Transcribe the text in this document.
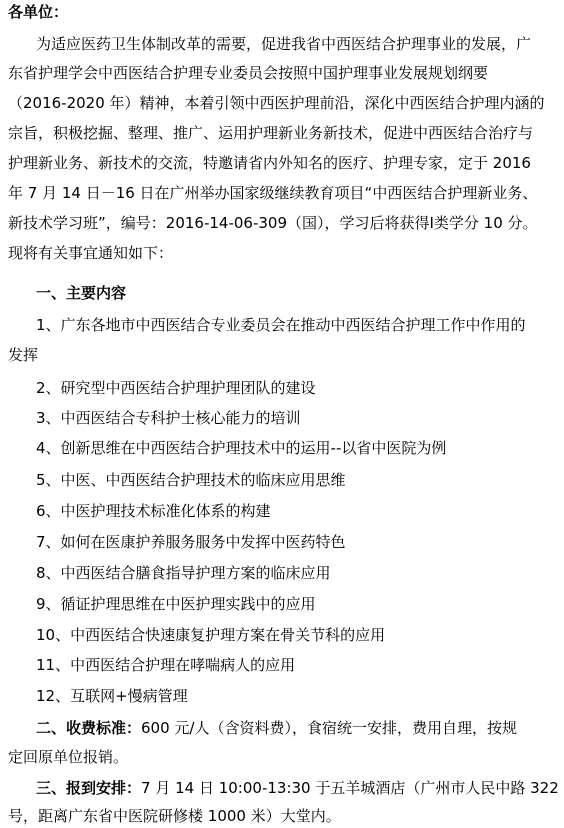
各单位：
为适应医药卫生体制改革的需要，促进我省中西医结合护理事业的发展，广
东省护理学会中西医结合护理专业委员会按照中国护理事业发展规划纲要
（2016-2020 年）精神，本着引领中西医护理前沿，深化中西医结合护理内涵的
宗旨，积极挖掘、整理、推广、运用护理新业务新技术，促进中西医结合治疗与
护理新业务、新技术的交流，特邀请省内外知名的医疗、护理专家，定于 2016
年 7 月 14 日－16 日在广州举办国家级继续教育项目“中西医结合护理新业务、
新技术学习班”，编号：2016-14-06-309（国），学习后将获得Ⅰ类学分 10 分。
现将有关事宜通知如下：
一、主要内容
1、广东各地市中西医结合专业委员会在推动中西医结合护理工作中作用的
发挥
2、研究型中西医结合护理护理团队的建设
3、中西医结合专科护士核心能力的培训
4、创新思维在中西医结合护理技术中的运用--以省中医院为例
5、中医、中西医结合护理技术的临床应用思维
6、中医护理技术标准化体系的构建
7、如何在医康护养服务服务中发挥中医药特色
8、中西医结合膳食指导护理方案的临床应用
9、循证护理思维在中医护理实践中的应用
10、中西医结合快速康复护理方案在骨关节科的应用
11、中西医结合护理在哮喘病人的应用
12、互联网+慢病管理
二、收费标准：600 元/人（含资料费），食宿统一安排，费用自理，按规
定回原单位报销。
三、报到安排：7 月 14 日 10:00-13:30 于五羊城酒店（广州市人民中路 322
号，距离广东省中医院研修楼 1000 米）大堂内。
